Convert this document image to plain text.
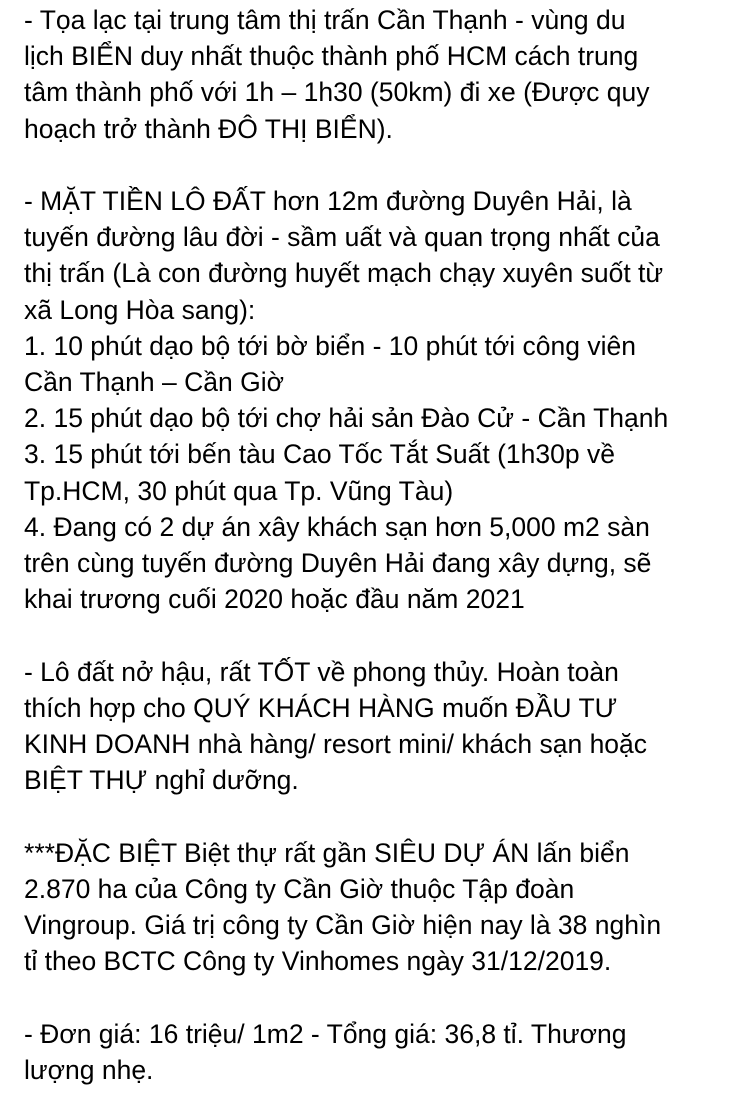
- Tọa lạc tại trung tâm thị trấn Cần Thạnh - vùng du
lịch BIỂN duy nhất thuộc thành phố HCM cách trung
tâm thành phố với 1h – 1h30 (50km) đi xe (Được quy
hoạch trở thành ĐÔ THỊ BIỂN).
- MẶT TIỀN LÔ ĐẤT hơn 12m đường Duyên Hải, là
tuyến đường lâu đời - sầm uất và quan trọng nhất của
thị trấn (Là con đường huyết mạch chạy xuyên suốt từ
xã Long Hòa sang):
1. 10 phút dạo bộ tới bờ biển - 10 phút tới công viên
Cần Thạnh – Cần Giờ
2. 15 phút dạo bộ tới chợ hải sản Đào Cử - Cần Thạnh
3. 15 phút tới bến tàu Cao Tốc Tắt Suất (1h30p về
Tp.HCM, 30 phút qua Tp. Vũng Tàu)
4. Đang có 2 dự án xây khách sạn hơn 5,000 m2 sàn
trên cùng tuyến đường Duyên Hải đang xây dựng, sẽ
khai trương cuối 2020 hoặc đầu năm 2021
- Lô đất nở hậu, rất TỐT về phong thủy. Hoàn toàn
thích hợp cho QUÝ KHÁCH HÀNG muốn ĐẦU TƯ
KINH DOANH nhà hàng/ resort mini/ khách sạn hoặc
BIỆT THỰ nghỉ dưỡng.
***ĐẶC BIỆT Biệt thự rất gần SIÊU DỰ ÁN lấn biển
2.870 ha của Công ty Cần Giờ thuộc Tập đoàn
Vingroup. Giá trị công ty Cần Giờ hiện nay là 38 nghìn
tỉ theo BCTC Công ty Vinhomes ngày 31/12/2019.
- Đơn giá: 16 triệu/ 1m2 - Tổng giá: 36,8 tỉ. Thương
lượng nhẹ.
